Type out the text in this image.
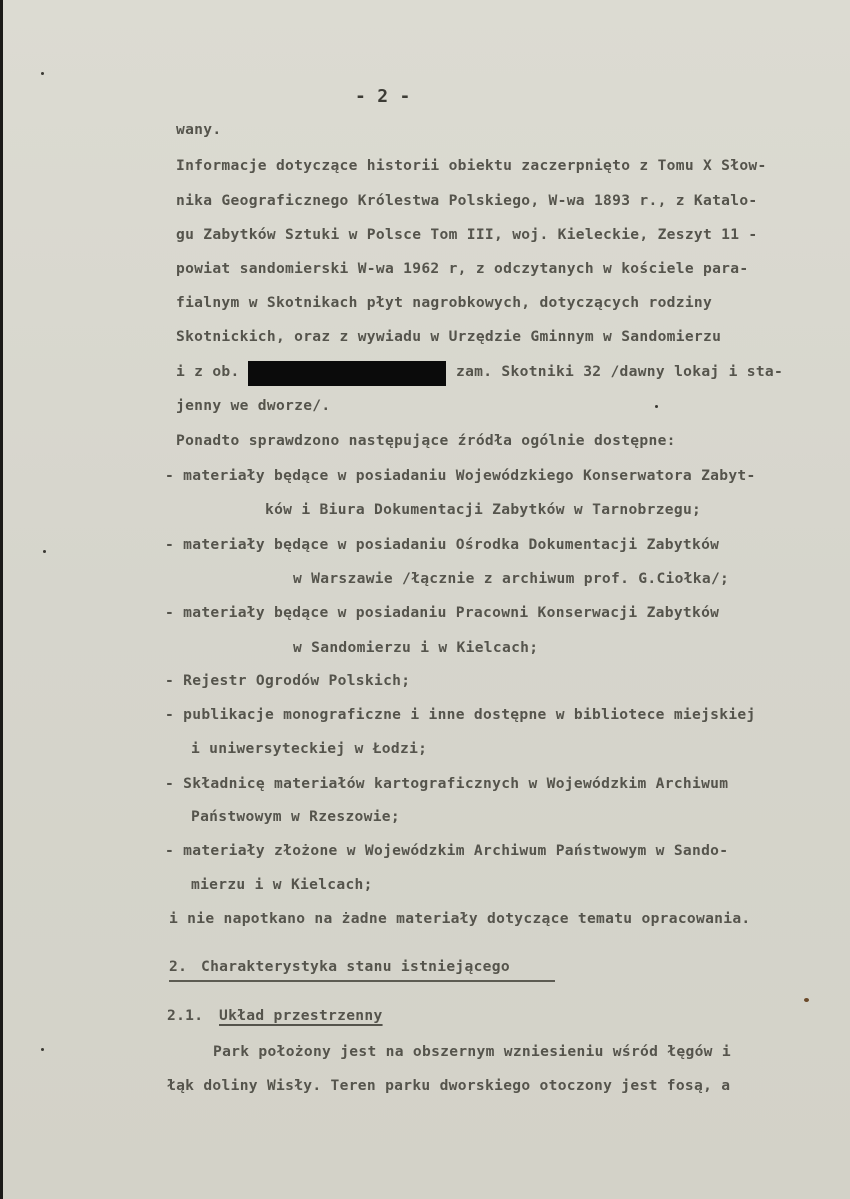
- 2 -

wany.

Informacje dotyczące historii obiektu zaczerpnięto z Tomu X Słow-

nika Geograficznego Królestwa Polskiego, W-wa 1893 r., z Katalo-

gu Zabytków Sztuki w Polsce Tom III, woj. Kieleckie, Zeszyt 11 -

powiat sandomierski W-wa 1962 r, z odczytanych w kościele para-

fialnym w Skotnikach płyt nagrobkowych, dotyczących rodziny

Skotnickich, oraz z wywiadu w Urzędzie Gminnym w Sandomierzu

i z ob.	zam. Skotniki 32 /dawny lokaj i sta-

jenny we dworze/.

Ponadto sprawdzono następujące źródła ogólnie dostępne:

- materiały będące w posiadaniu Wojewódzkiego Konserwatora Zabyt-

ków i Biura Dokumentacji Zabytków w Tarnobrzegu;

- materiały będące w posiadaniu Ośrodka Dokumentacji Zabytków

w Warszawie /łącznie z archiwum prof. G.Ciołka/;

- materiały będące w posiadaniu Pracowni Konserwacji Zabytków

w Sandomierzu i w Kielcach;

- Rejestr Ogrodów Polskich;

- publikacje monograficzne i inne dostępne w bibliotece miejskiej

i uniwersyteckiej w Łodzi;

- Składnicę materiałów kartograficznych w Wojewódzkim Archiwum

Państwowym w Rzeszowie;

- materiały złożone w Wojewódzkim Archiwum Państwowym w Sando-

mierzu i w Kielcach;

i nie napotkano na żadne materiały dotyczące tematu opracowania.

2. Charakterystyka stanu istniejącego

2.1. Układ przestrzenny

Park położony jest na obszernym wzniesieniu wśród łęgów i

łąk doliny Wisły. Teren parku dworskiego otoczony jest fosą, a
